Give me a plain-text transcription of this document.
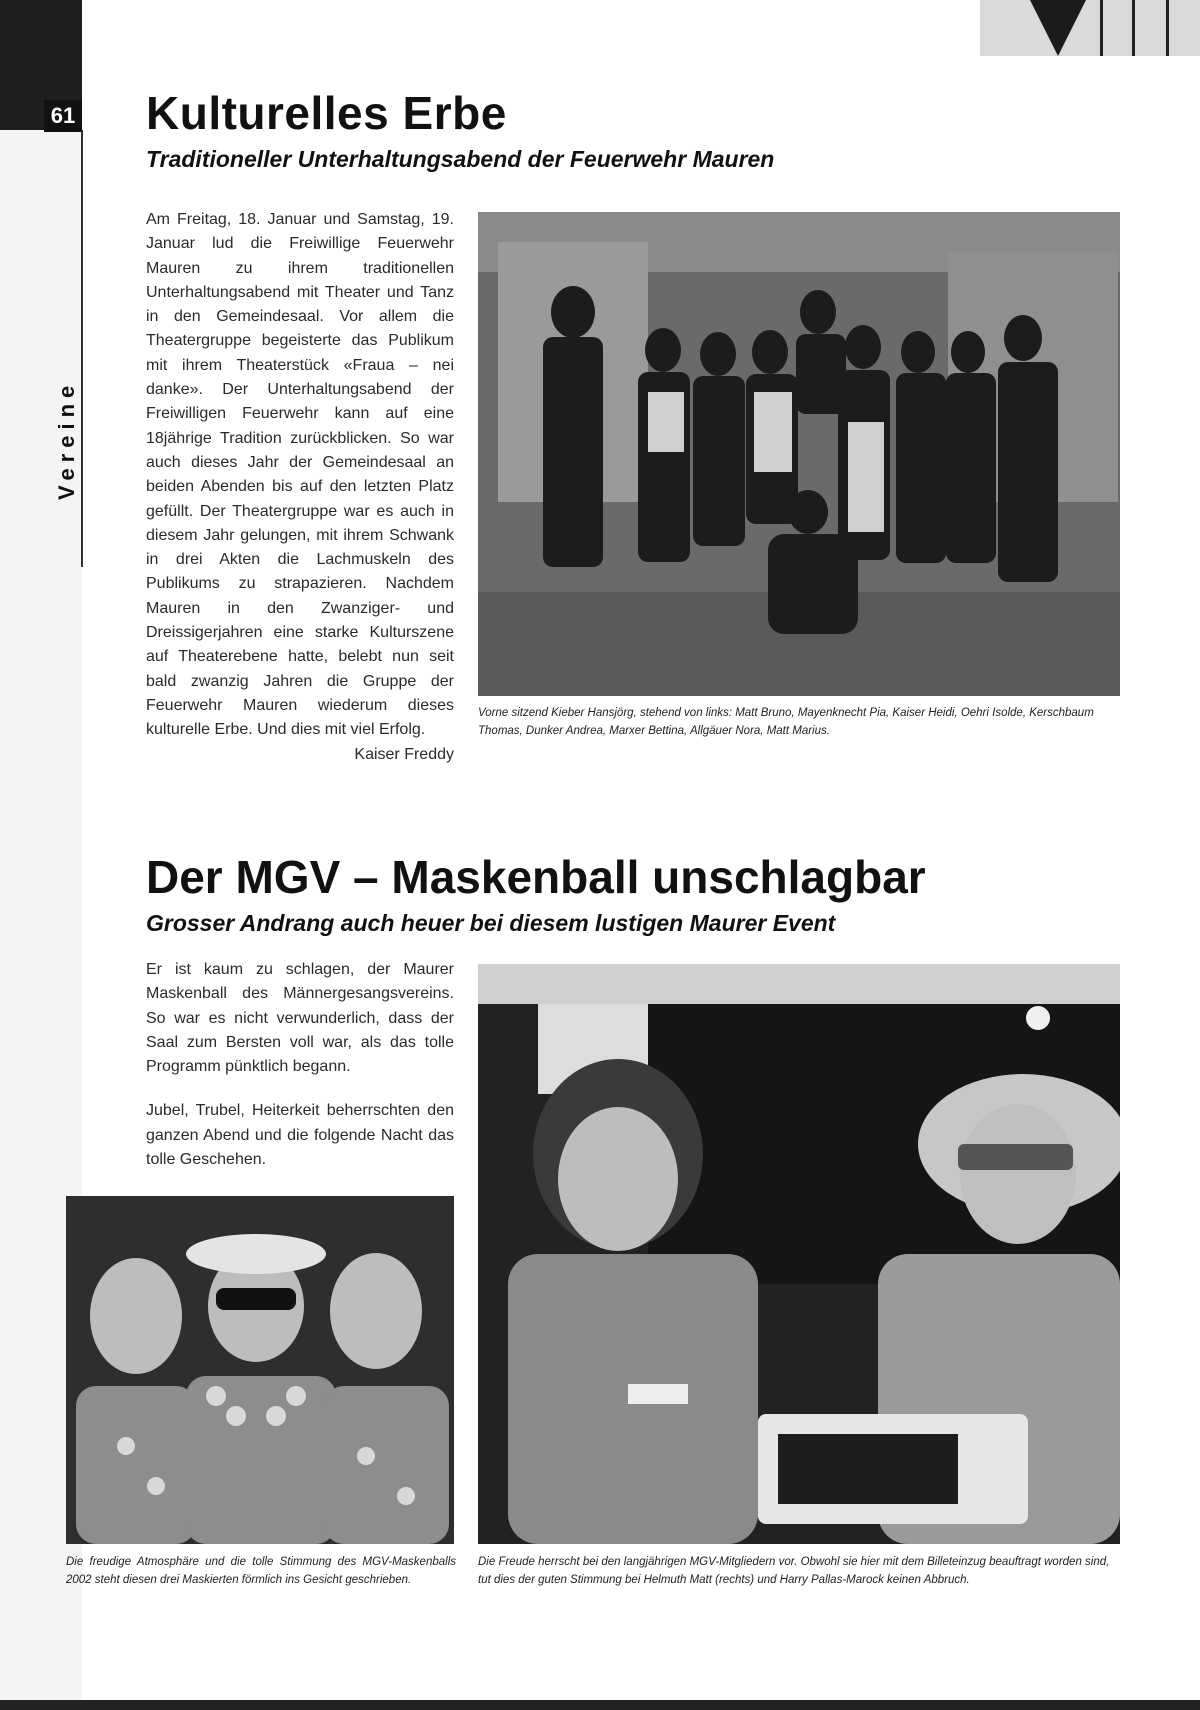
61
Vereine
Kulturelles Erbe
Traditioneller Unterhaltungsabend der Feuerwehr Mauren
Am Freitag, 18. Januar und Samstag, 19. Januar lud die Freiwillige Feuerwehr Mauren zu ihrem traditionellen Unterhaltungsabend mit Theater und Tanz in den Gemeindesaal. Vor allem die Theatergruppe begeisterte das Publikum mit ihrem Theaterstück «Fraua – nei danke». Der Unterhaltungsabend der Freiwilligen Feuerwehr kann auf eine 18jährige Tradition zurückblicken. So war auch dieses Jahr der Gemeindesaal an beiden Abenden bis auf den letzten Platz gefüllt. Der Theatergruppe war es auch in diesem Jahr gelungen, mit ihrem Schwank in drei Akten die Lachmuskeln des Publikums zu strapazieren. Nachdem Mauren in den Zwanziger- und Dreissigerjahren eine starke Kulturszene auf Theaterebene hatte, belebt nun seit bald zwanzig Jahren die Gruppe der Feuerwehr Mauren wiederum dieses kulturelle Erbe. Und dies mit viel Erfolg.
Kaiser Freddy
Vorne sitzend Kieber Hansjörg, stehend von links: Matt Bruno, Mayenknecht Pia, Kaiser Heidi, Oehri Isolde, Kerschbaum Thomas, Dunker Andrea, Marxer Bettina, Allgäuer Nora, Matt Marius.
Der MGV – Maskenball unschlagbar
Grosser Andrang auch heuer bei diesem lustigen Maurer Event

Er ist kaum zu schlagen, der Maurer Maskenball des Männergesangsvereins. So war es nicht verwunderlich, dass der Saal zum Bersten voll war, als das tolle Programm pünktlich begann.

Jubel, Trubel, Heiterkeit beherrschten den ganzen Abend und die folgende Nacht das tolle Geschehen.

Die freudige Atmosphäre und die tolle Stimmung des MGV-Maskenballs 2002 steht diesen drei Maskierten förmlich ins Gesicht geschrieben.
Die Freude herrscht bei den langjährigen MGV-Mitgliedern vor. Obwohl sie hier mit dem Billeteinzug beauftragt worden sind, tut dies der guten Stimmung bei Helmuth Matt (rechts) und Harry Pallas-Marock keinen Abbruch.
